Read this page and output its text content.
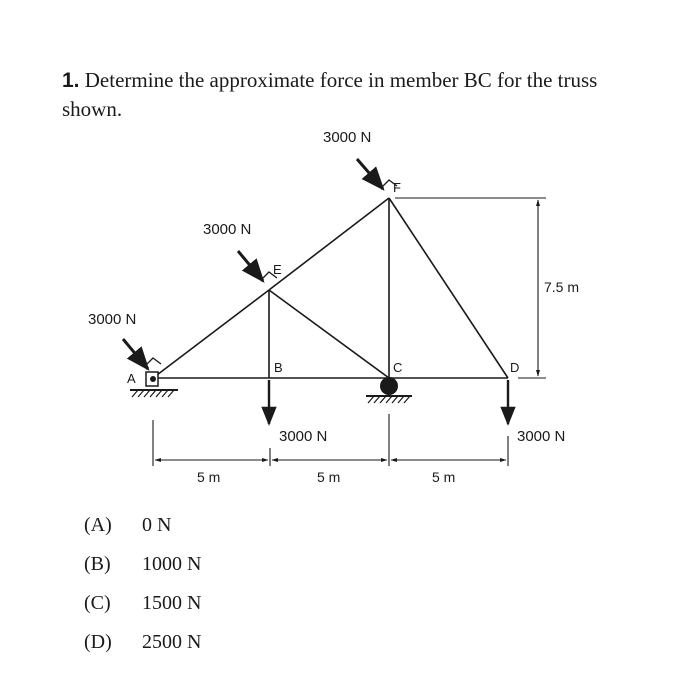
1. Determine the approximate force in member BC for the truss shown.
A
B	C	D
E
F
3000 N
3000 N
3000 N
3000 N	3000 N
5 m	5 m	5 m
7.5 m
(A) 0 N
(B) 1000 N
(C) 1500 N
(D) 2500 N
